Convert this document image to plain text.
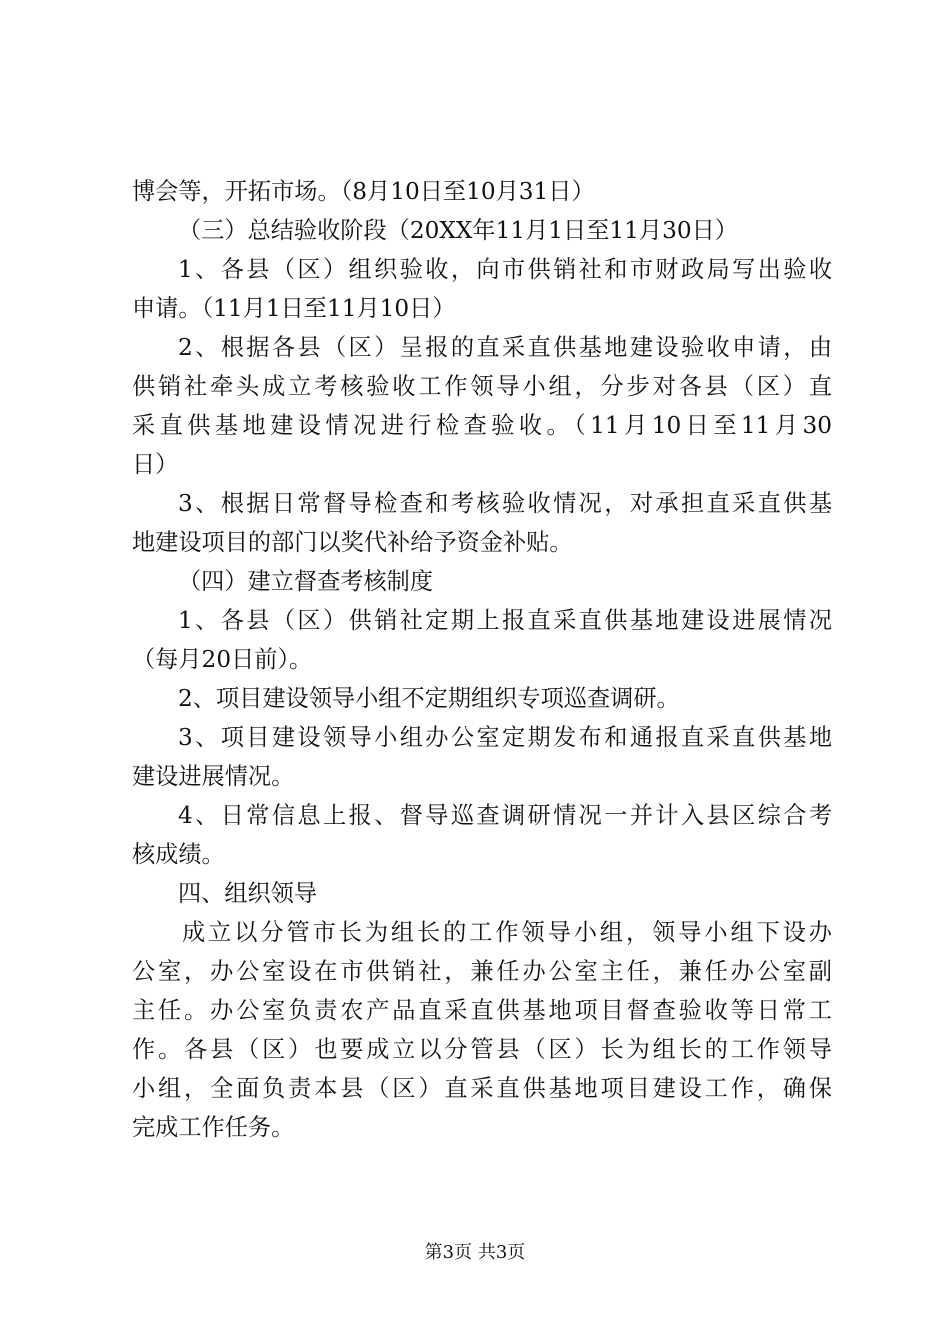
博会等，开拓市场。（8月10日至10月31日）
（三）总结验收阶段（20XX年11月1日至11月30日）
1、各县（区）组织验收，向市供销社和市财政局写出验收
申请。（11月1日至11月10日）
2、根据各县（区）呈报的直采直供基地建设验收申请，由
供销社牵头成立考核验收工作领导小组，分步对各县（区）直
采直供基地建设情况进行检查验收。（11月10日至11月30
日）
3、根据日常督导检查和考核验收情况，对承担直采直供基
地建设项目的部门以奖代补给予资金补贴。
（四）建立督查考核制度
1、各县（区）供销社定期上报直采直供基地建设进展情况
（每月20日前）。
2、项目建设领导小组不定期组织专项巡查调研。
3、项目建设领导小组办公室定期发布和通报直采直供基地
建设进展情况。
4、日常信息上报、督导巡查调研情况一并计入县区综合考
核成绩。
四、组织领导
成立以分管市长为组长的工作领导小组，领导小组下设办
公室，办公室设在市供销社，兼任办公室主任，兼任办公室副
主任。办公室负责农产品直采直供基地项目督查验收等日常工
作。各县（区）也要成立以分管县（区）长为组长的工作领导
小组，全面负责本县（区）直采直供基地项目建设工作，确保
完成工作任务。
第3页 共3页
